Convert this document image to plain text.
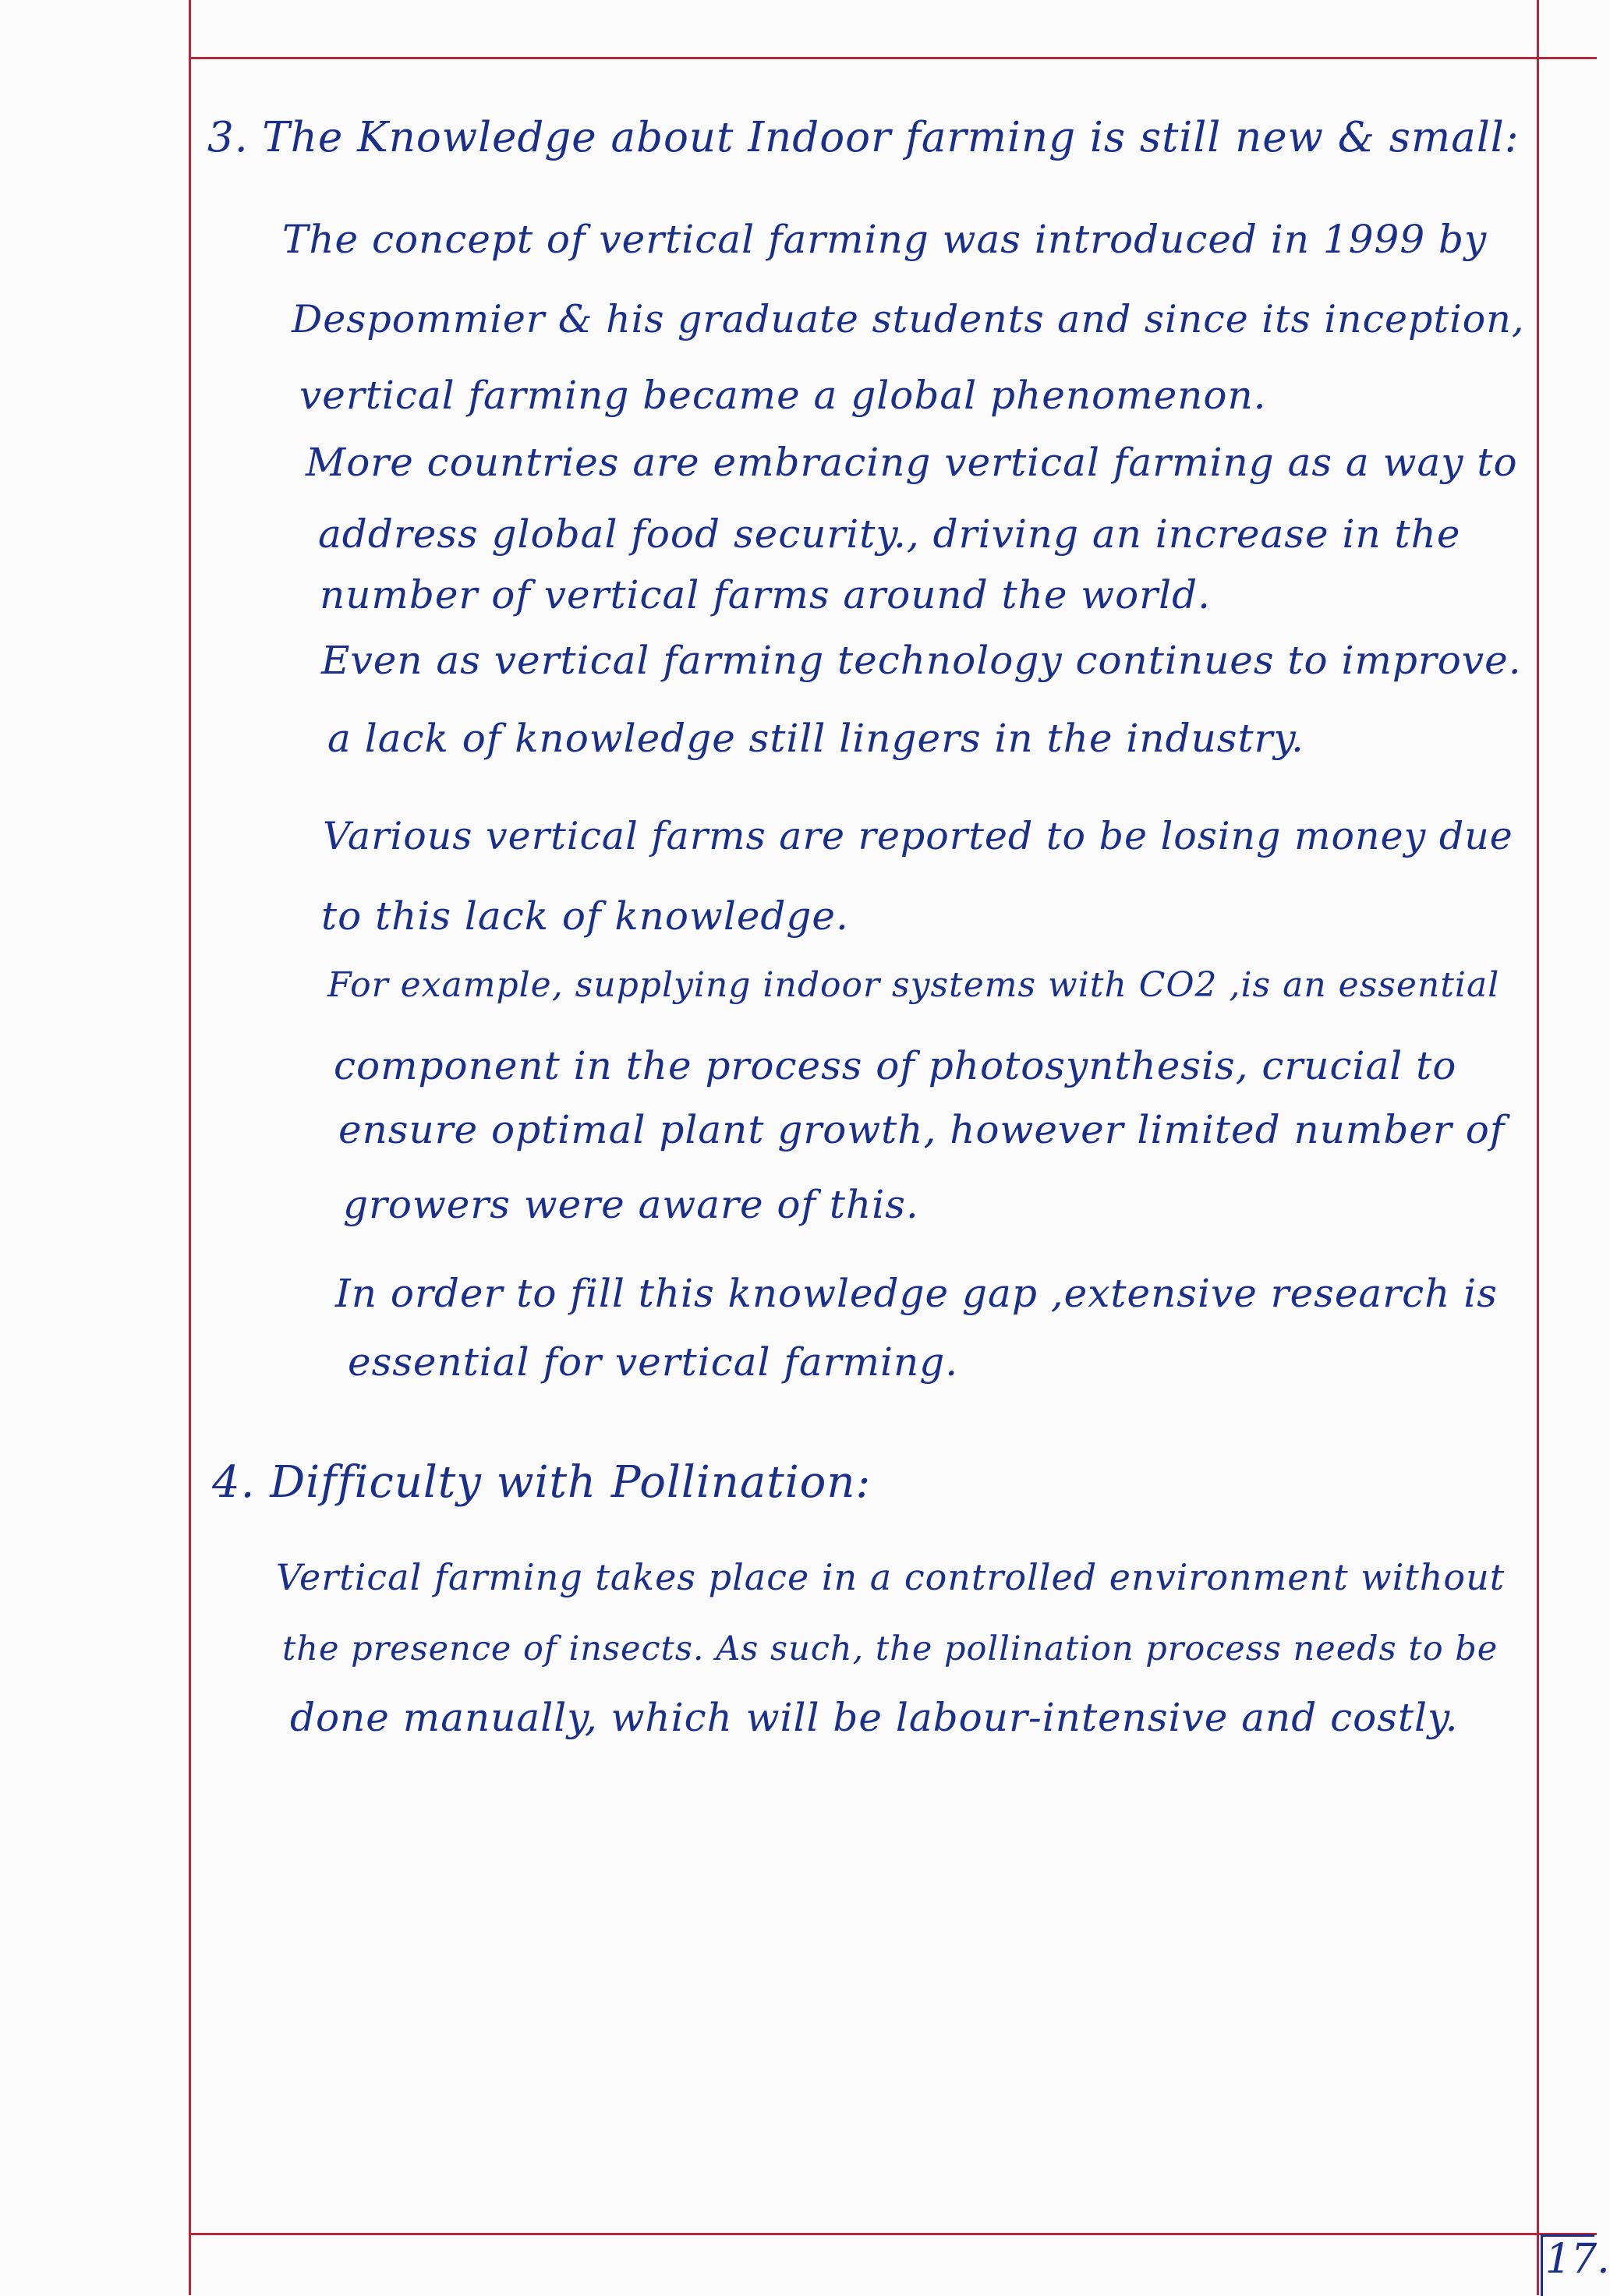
3. The Knowledge about Indoor farming is still new & small:
The concept of vertical farming was introduced in 1999 by
Despommier & his graduate students and since its inception,
vertical farming became a global phenomenon.
More countries are embracing vertical farming as a way to
address global food security., driving an increase in the
number of vertical farms around the world.
Even as vertical farming technology continues to improve.
a lack of knowledge still lingers in the industry.
Various vertical farms are reported to be losing money due
to this lack of knowledge.
For example, supplying indoor systems with CO2 ,is an essential
component in the process of photosynthesis, crucial to
ensure optimal plant growth, however limited number of
growers were aware of this.
In order to fill this knowledge gap ,extensive research is
essential for vertical farming.
4. Difficulty with Pollination:
Vertical farming takes place in a controlled environment without
the presence of insects. As such, the pollination process needs to be
done manually, which will be labour-intensive and costly.
17.
